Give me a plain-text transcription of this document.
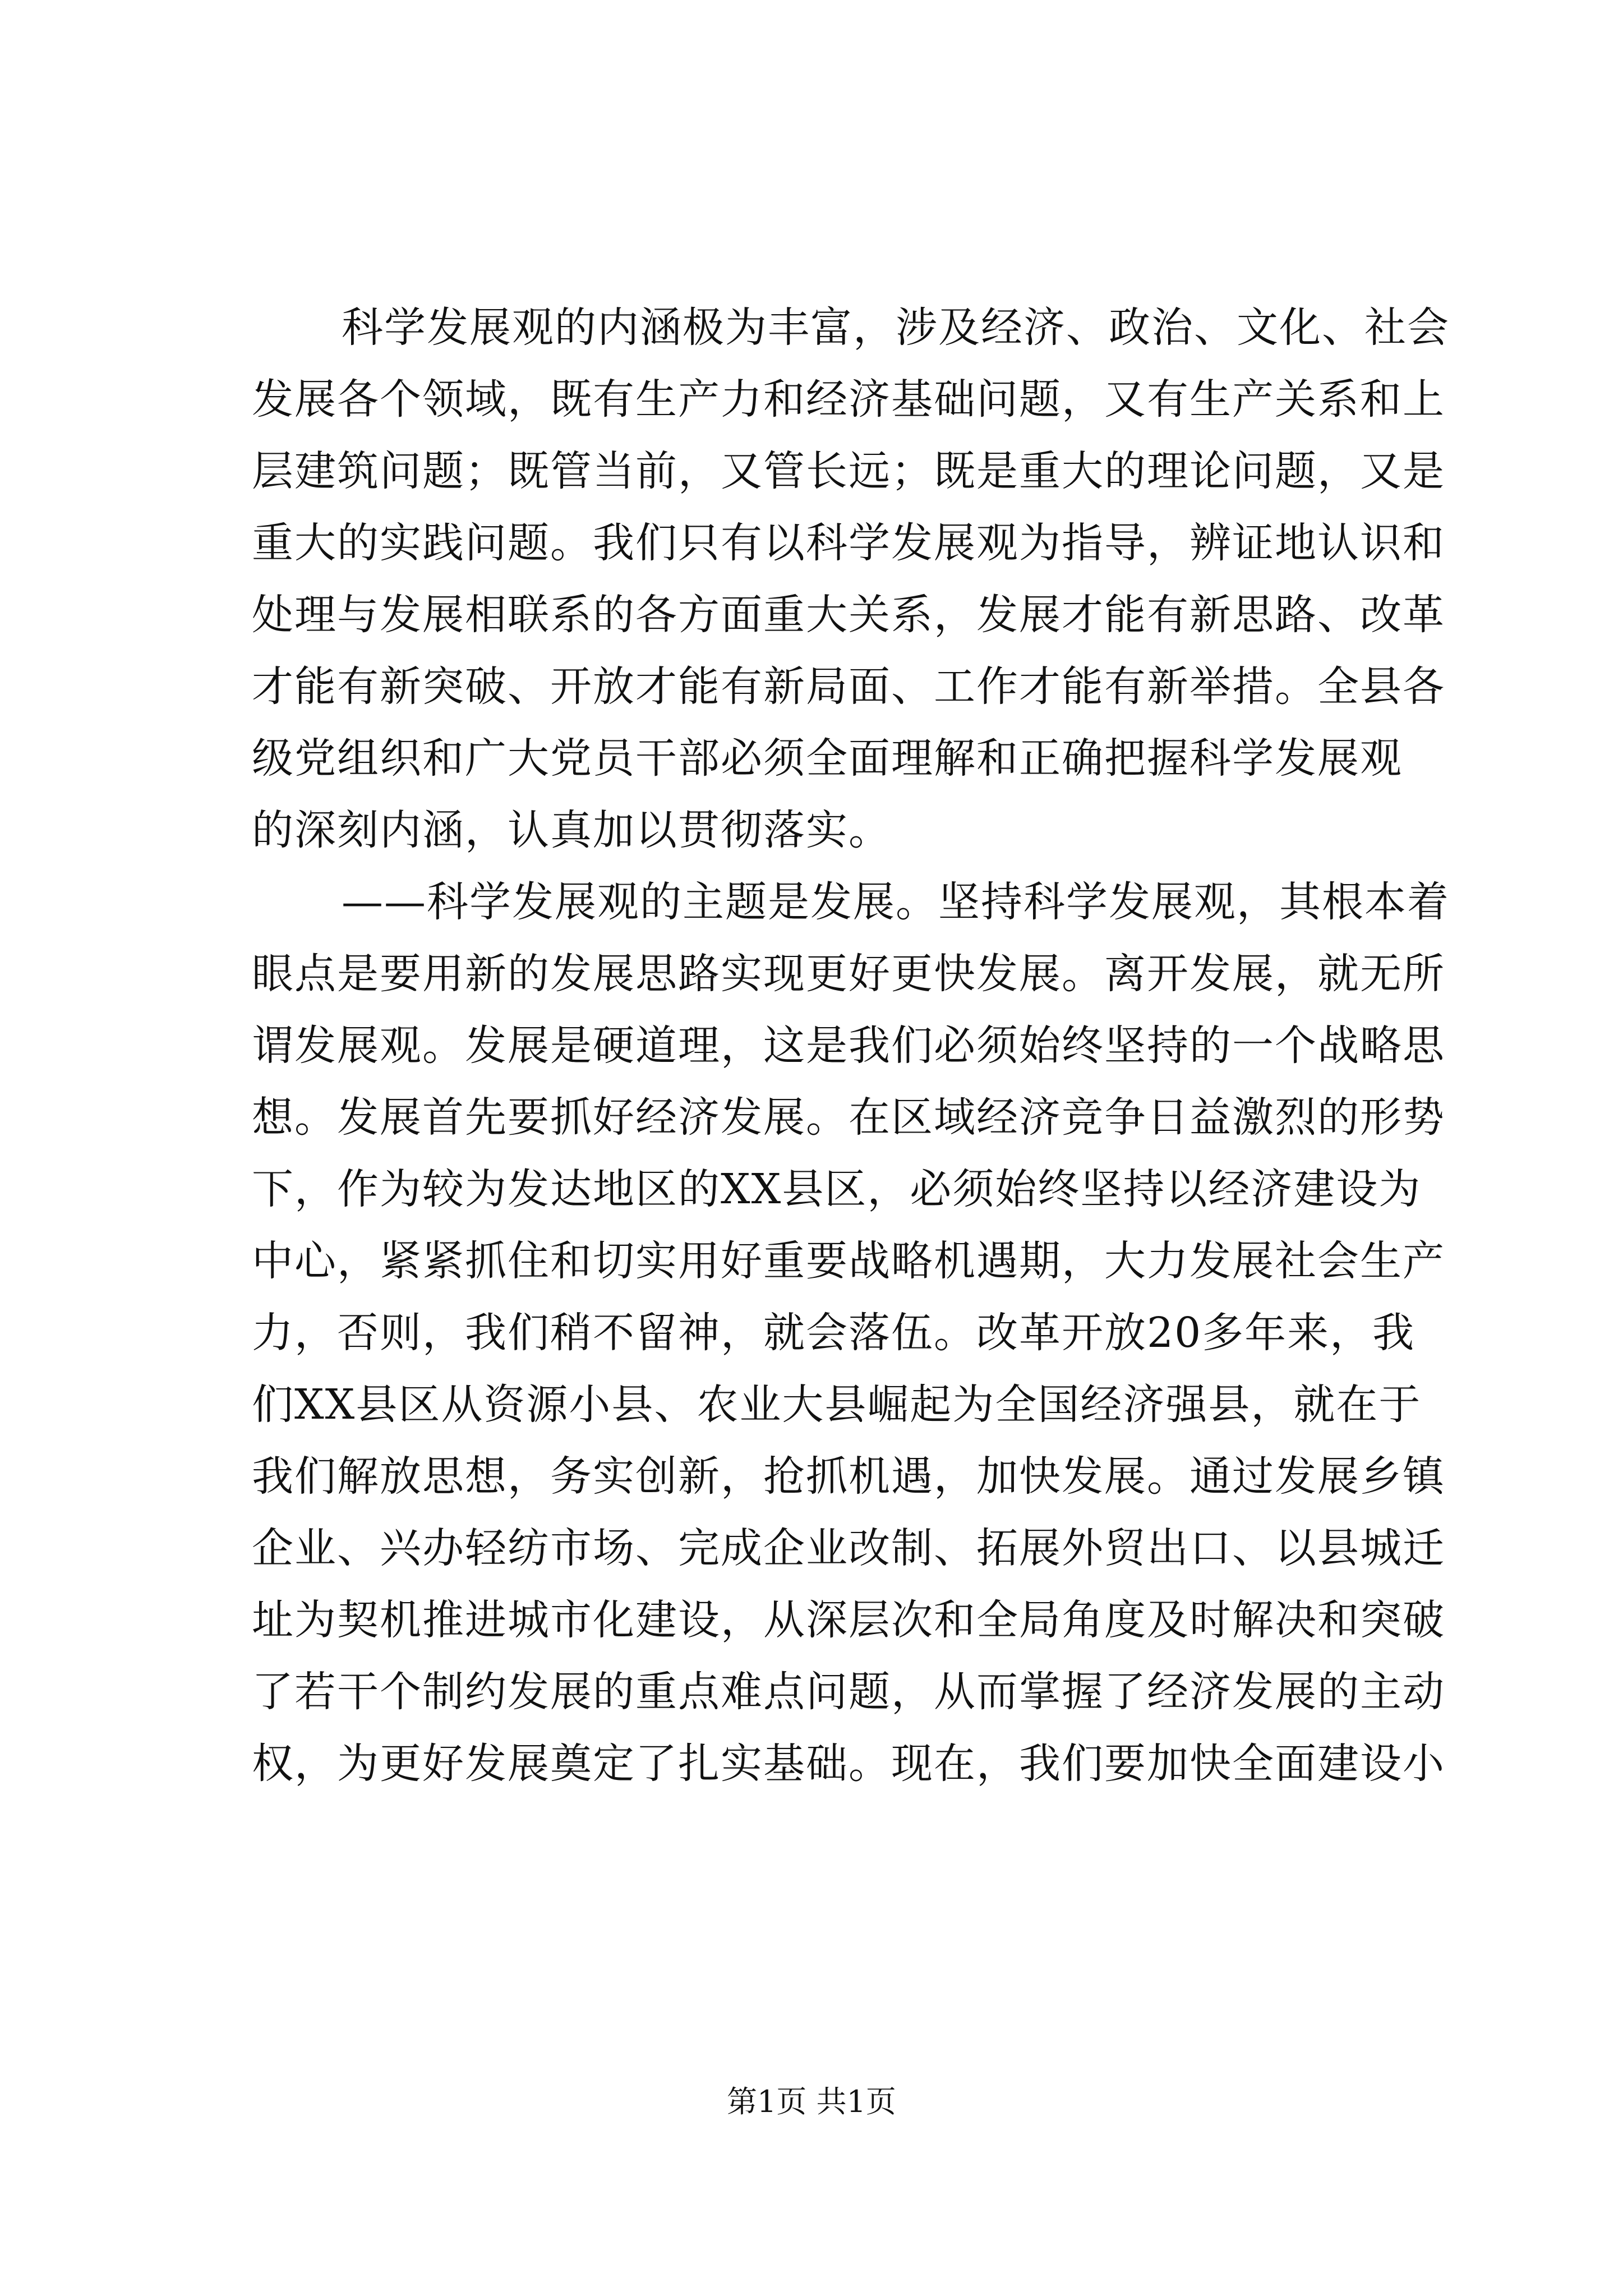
科学发展观的内涵极为丰富，涉及经济、政治、文化、社会
发展各个领域，既有生产力和经济基础问题，又有生产关系和上
层建筑问题；既管当前，又管长远；既是重大的理论问题，又是
重大的实践问题。我们只有以科学发展观为指导，辨证地认识和
处理与发展相联系的各方面重大关系，发展才能有新思路、改革
才能有新突破、开放才能有新局面、工作才能有新举措。全县各
级党组织和广大党员干部必须全面理解和正确把握科学发展观
的深刻内涵，认真加以贯彻落实。
——科学发展观的主题是发展。坚持科学发展观，其根本着
眼点是要用新的发展思路实现更好更快发展。离开发展，就无所
谓发展观。发展是硬道理，这是我们必须始终坚持的一个战略思
想。发展首先要抓好经济发展。在区域经济竞争日益激烈的形势
下，作为较为发达地区的XX县区，必须始终坚持以经济建设为
中心，紧紧抓住和切实用好重要战略机遇期，大力发展社会生产
力，否则，我们稍不留神，就会落伍。改革开放20多年来，我
们XX县区从资源小县、农业大县崛起为全国经济强县，就在于
我们解放思想，务实创新，抢抓机遇，加快发展。通过发展乡镇
企业、兴办轻纺市场、完成企业改制、拓展外贸出口、以县城迁
址为契机推进城市化建设，从深层次和全局角度及时解决和突破
了若干个制约发展的重点难点问题，从而掌握了经济发展的主动
权，为更好发展奠定了扎实基础。现在，我们要加快全面建设小
第1页 共1页
